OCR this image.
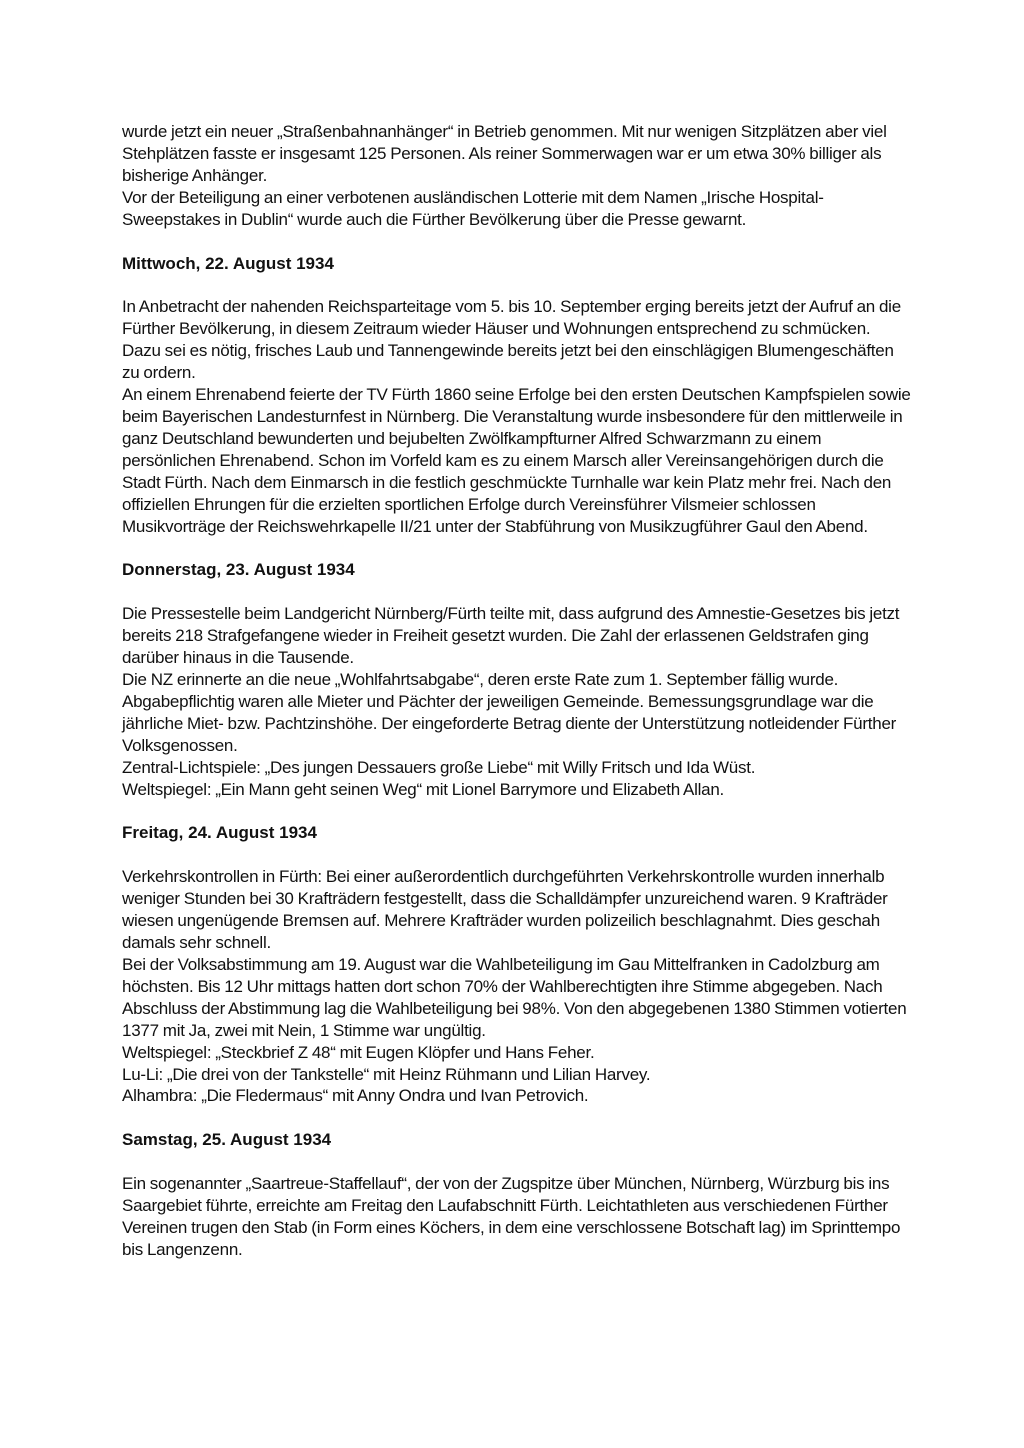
wurde jetzt ein neuer „Straßenbahnanhänger“ in Betrieb genommen. Mit nur wenigen Sitzplätzen aber viel Stehplätzen fasste er insgesamt 125 Personen. Als reiner Sommerwagen war er um etwa 30% billiger als bisherige Anhänger.

Vor der Beteiligung an einer verbotenen ausländischen Lotterie mit dem Namen „Irische Hospital-Sweepstakes in Dublin“ wurde auch die Fürther Bevölkerung über die Presse gewarnt.

Mittwoch, 22. August 1934

In Anbetracht der nahenden Reichsparteitage vom 5. bis 10. September erging bereits jetzt der Aufruf an die Fürther Bevölkerung, in diesem Zeitraum wieder Häuser und Wohnungen entsprechend zu schmücken. Dazu sei es nötig, frisches Laub und Tannengewinde bereits jetzt bei den einschlägigen Blumengeschäften zu ordern.

An einem Ehrenabend feierte der TV Fürth 1860 seine Erfolge bei den ersten Deutschen Kampfspielen sowie beim Bayerischen Landesturnfest in Nürnberg. Die Veranstaltung wurde insbesondere für den mittlerweile in ganz Deutschland bewunderten und bejubelten Zwölfkampfturner Alfred Schwarzmann zu einem persönlichen Ehrenabend. Schon im Vorfeld kam es zu einem Marsch aller Vereinsangehörigen durch die Stadt Fürth. Nach dem Einmarsch in die festlich geschmückte Turnhalle war kein Platz mehr frei. Nach den offiziellen Ehrungen für die erzielten sportlichen Erfolge durch Vereinsführer Vilsmeier schlossen Musikvorträge der Reichswehrkapelle II/21 unter der Stabführung von Musikzugführer Gaul den Abend.

Donnerstag, 23. August 1934

Die Pressestelle beim Landgericht Nürnberg/Fürth teilte mit, dass aufgrund des Amnestie-Gesetzes bis jetzt bereits 218 Strafgefangene wieder in Freiheit gesetzt wurden. Die Zahl der erlassenen Geldstrafen ging darüber hinaus in die Tausende.

Die NZ erinnerte an die neue „Wohlfahrtsabgabe“, deren erste Rate zum 1. September fällig wurde. Abgabepflichtig waren alle Mieter und Pächter der jeweiligen Gemeinde. Bemessungsgrundlage war die jährliche Miet- bzw. Pachtzinshöhe. Der eingeforderte Betrag diente der Unterstützung notleidender Fürther Volksgenossen.

Zentral-Lichtspiele: „Des jungen Dessauers große Liebe“ mit Willy Fritsch und Ida Wüst.

Weltspiegel: „Ein Mann geht seinen Weg“ mit Lionel Barrymore und Elizabeth Allan.

Freitag, 24. August 1934

Verkehrskontrollen in Fürth: Bei einer außerordentlich durchgeführten Verkehrskontrolle wurden innerhalb weniger Stunden bei 30 Krafträdern festgestellt, dass die Schalldämpfer unzureichend waren. 9 Krafträder wiesen ungenügende Bremsen auf. Mehrere Krafträder wurden polizeilich beschlagnahmt. Dies geschah damals sehr schnell.

Bei der Volksabstimmung am 19. August war die Wahlbeteiligung im Gau Mittelfranken in Cadolzburg am höchsten. Bis 12 Uhr mittags hatten dort schon 70% der Wahlberechtigten ihre Stimme abgegeben. Nach Abschluss der Abstimmung lag die Wahlbeteiligung bei 98%. Von den abgegebenen 1380 Stimmen votierten 1377 mit Ja, zwei mit Nein, 1 Stimme war ungültig.

Weltspiegel: „Steckbrief Z 48“ mit Eugen Klöpfer und Hans Feher.

Lu-Li: „Die drei von der Tankstelle“ mit Heinz Rühmann und Lilian Harvey.

Alhambra: „Die Fledermaus“ mit Anny Ondra und Ivan Petrovich.

Samstag, 25. August 1934

Ein sogenannter „Saartreue-Staffellauf“, der von der Zugspitze über München, Nürnberg, Würzburg bis ins Saargebiet führte, erreichte am Freitag den Laufabschnitt Fürth. Leichtathleten aus verschiedenen Fürther Vereinen trugen den Stab (in Form eines Köchers, in dem eine verschlossene Botschaft lag) im Sprinttempo bis Langenzenn.
